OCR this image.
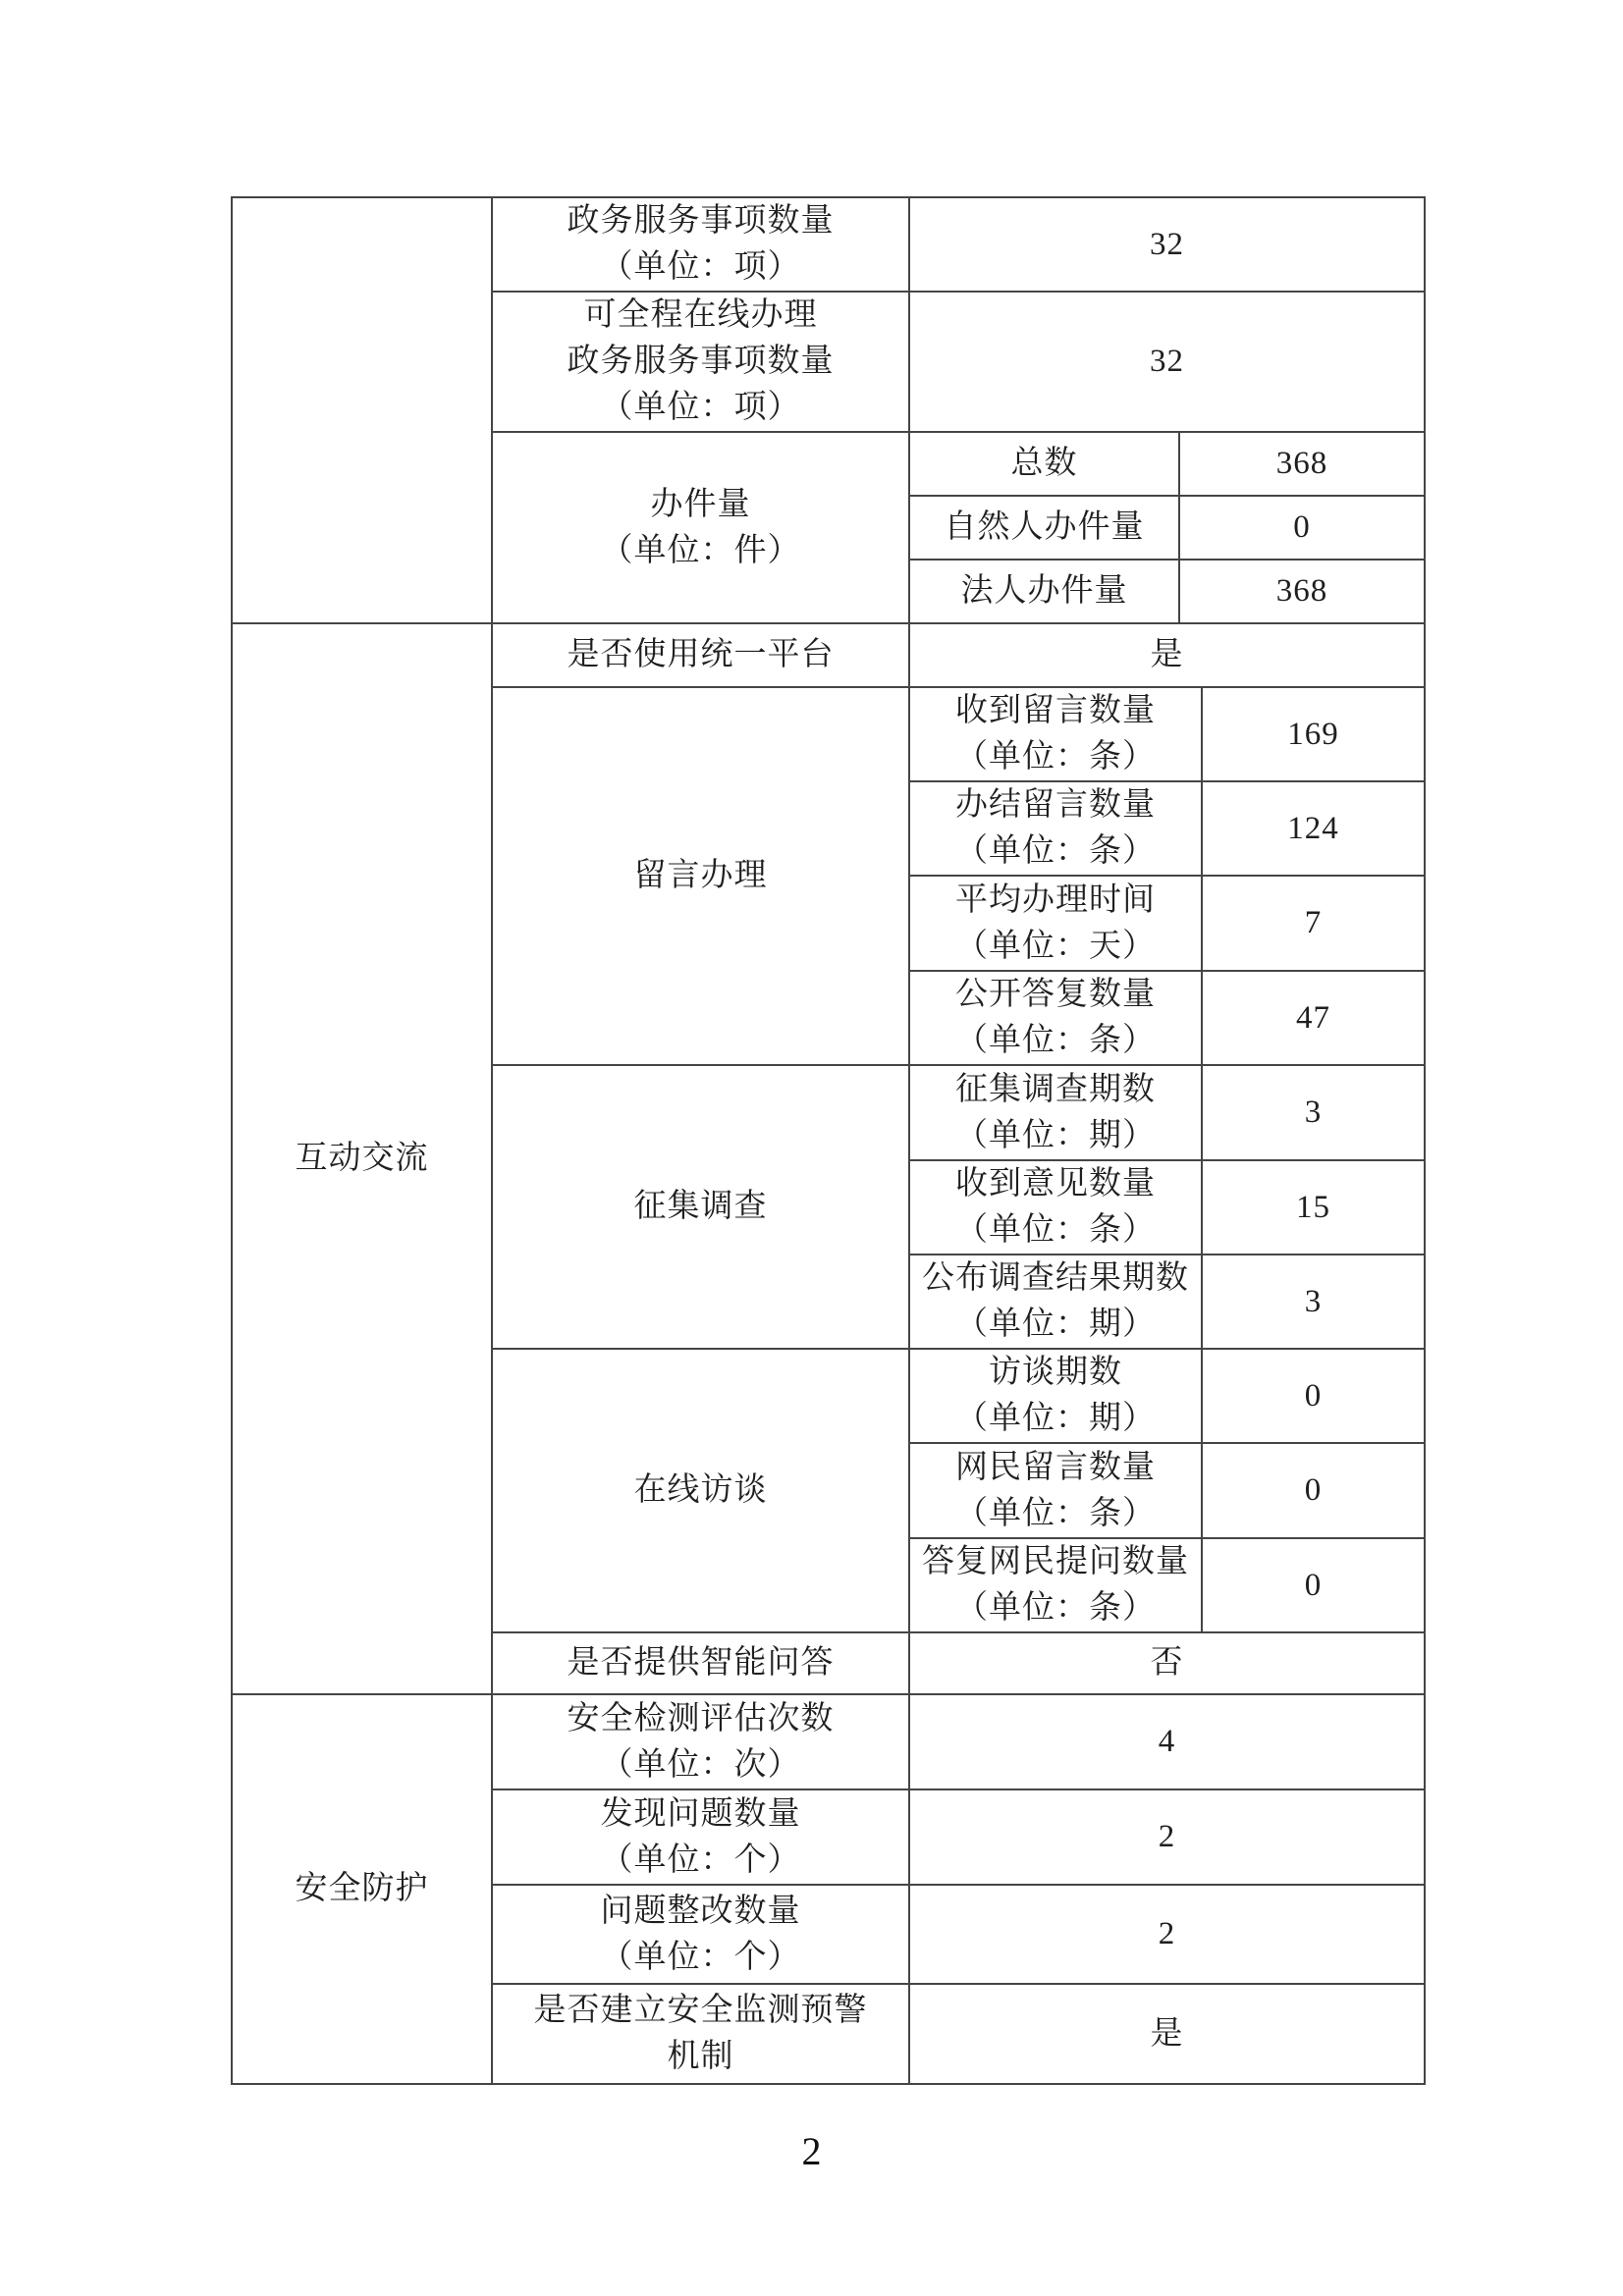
	政务服务事项数量
（单位：项）	32		

	可全程在线办理
政务服务事项数量
（单位：项）	32		

	办件量
（单位：件）	总数	368	
		自然人办件量	0	
		法人办件量	368	
互动交流	是否使用统一平台	是		
	留言办理	收到留言数量
（单位：条）		169

		办结留言数量
（单位：条）		124

		平均办理时间
（单位：天）		7

		公开答复数量
（单位：条）		47
	征集调查	征集调查期数
（单位：期）		3

		收到意见数量
（单位：条）		15

		公布调查结果期数
（单位：期）		3
	在线访谈	访谈期数
（单位：期）		0

		网民留言数量
（单位：条）		0

		答复网民提问数量
（单位：条）		0
	是否提供智能问答	否		
安全防护	安全检测评估次数
（单位：次）	4		

	发现问题数量
（单位：个）	2		

	问题整改数量
（单位：个）	2		

	是否建立安全监测预警
机制	是		
2
